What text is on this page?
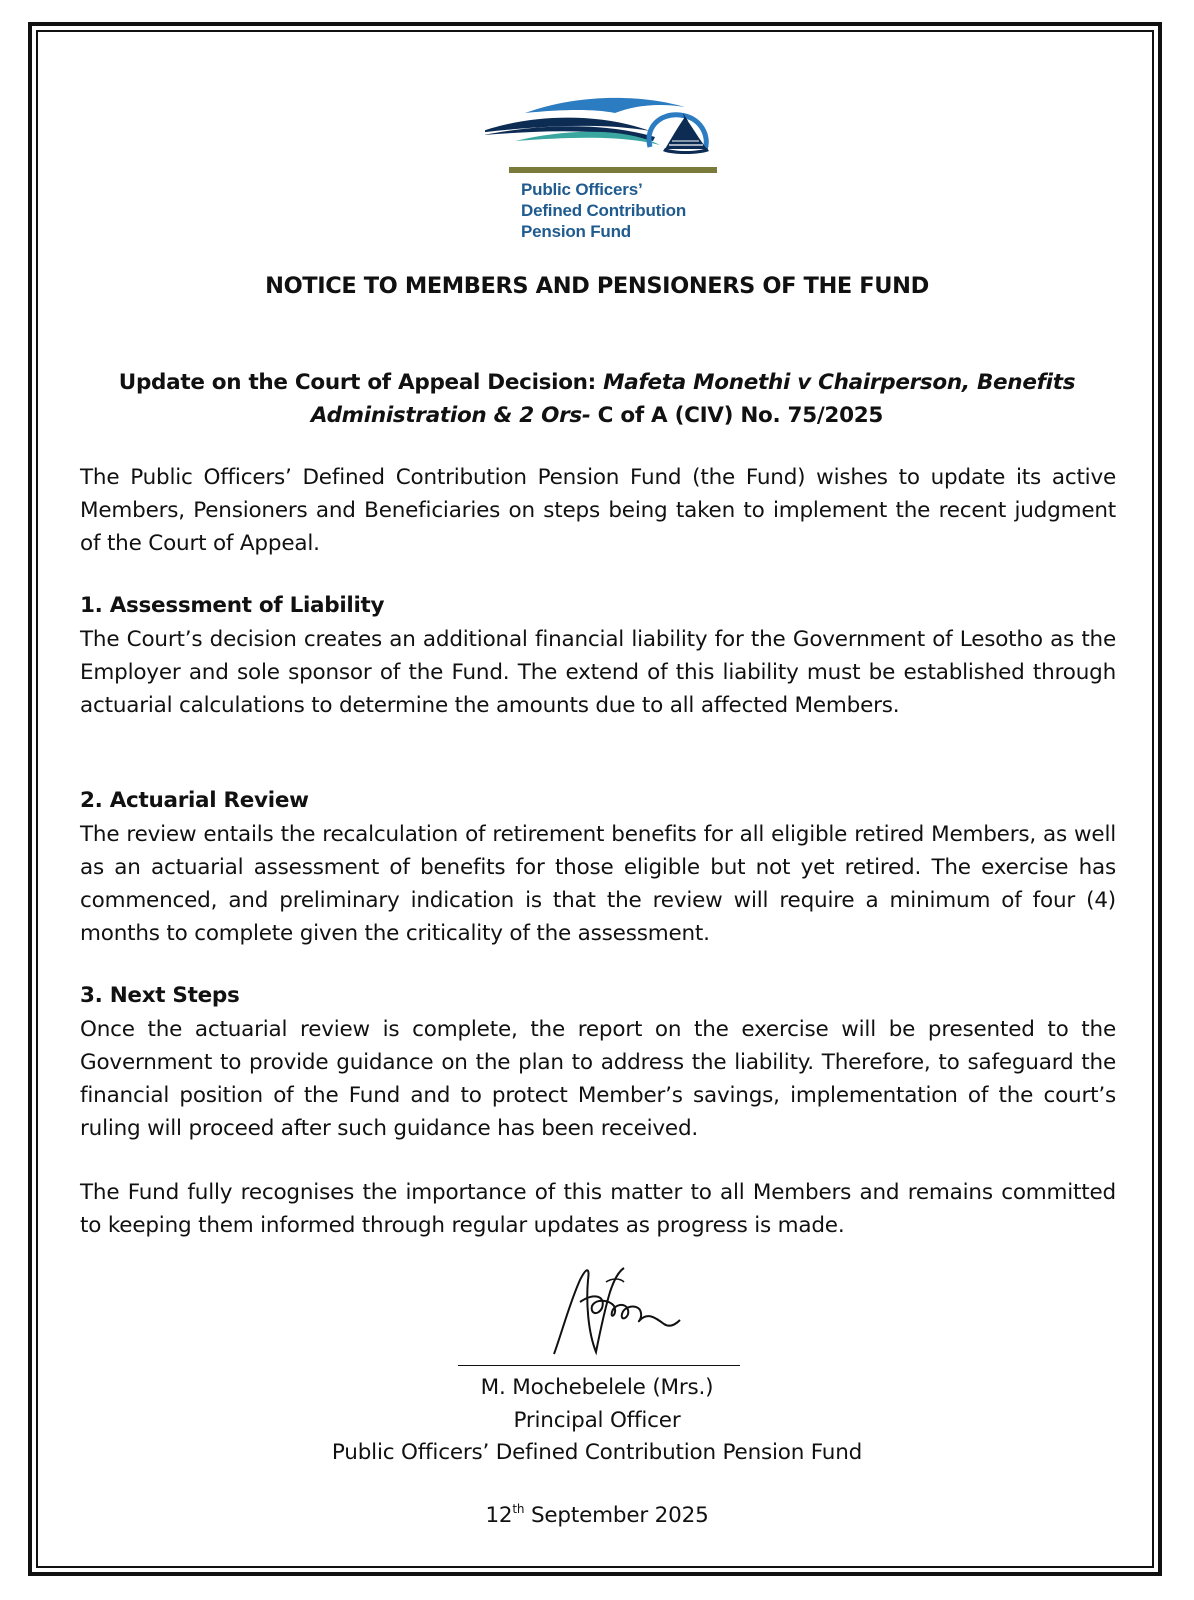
Public Officers’
Defined Contribution
Pension Fund
NOTICE TO MEMBERS AND PENSIONERS OF THE FUND
Update on the Court of Appeal Decision: Mafeta Monethi v Chairperson, Benefits
Administration & 2 Ors- C of A (CIV) No. 75/2025
The Public Officers’ Defined Contribution Pension Fund (the Fund) wishes to update its active Members, Pensioners and Beneficiaries on steps being taken to implement the recent judgment of the Court of Appeal.
1. Assessment of Liability
The Court’s decision creates an additional financial liability for the Government of Lesotho as the Employer and sole sponsor of the Fund. The extend of this liability must be established through actuarial calculations to determine the amounts due to all affected Members.
2. Actuarial Review
The review entails the recalculation of retirement benefits for all eligible retired Members, as well as an actuarial assessment of benefits for those eligible but not yet retired. The exercise has commenced, and preliminary indication is that the review will require a minimum of four (4) months to complete given the criticality of the assessment.
3. Next Steps
Once the actuarial review is complete, the report on the exercise will be presented to the Government to provide guidance on the plan to address the liability. Therefore, to safeguard the financial position of the Fund and to protect Member’s savings, implementation of the court’s ruling will proceed after such guidance has been received.
The Fund fully recognises the importance of this matter to all Members and remains committed to keeping them informed through regular updates as progress is made.
M. Mochebelele (Mrs.)
Principal Officer
Public Officers’ Defined Contribution Pension Fund
12th September 2025
